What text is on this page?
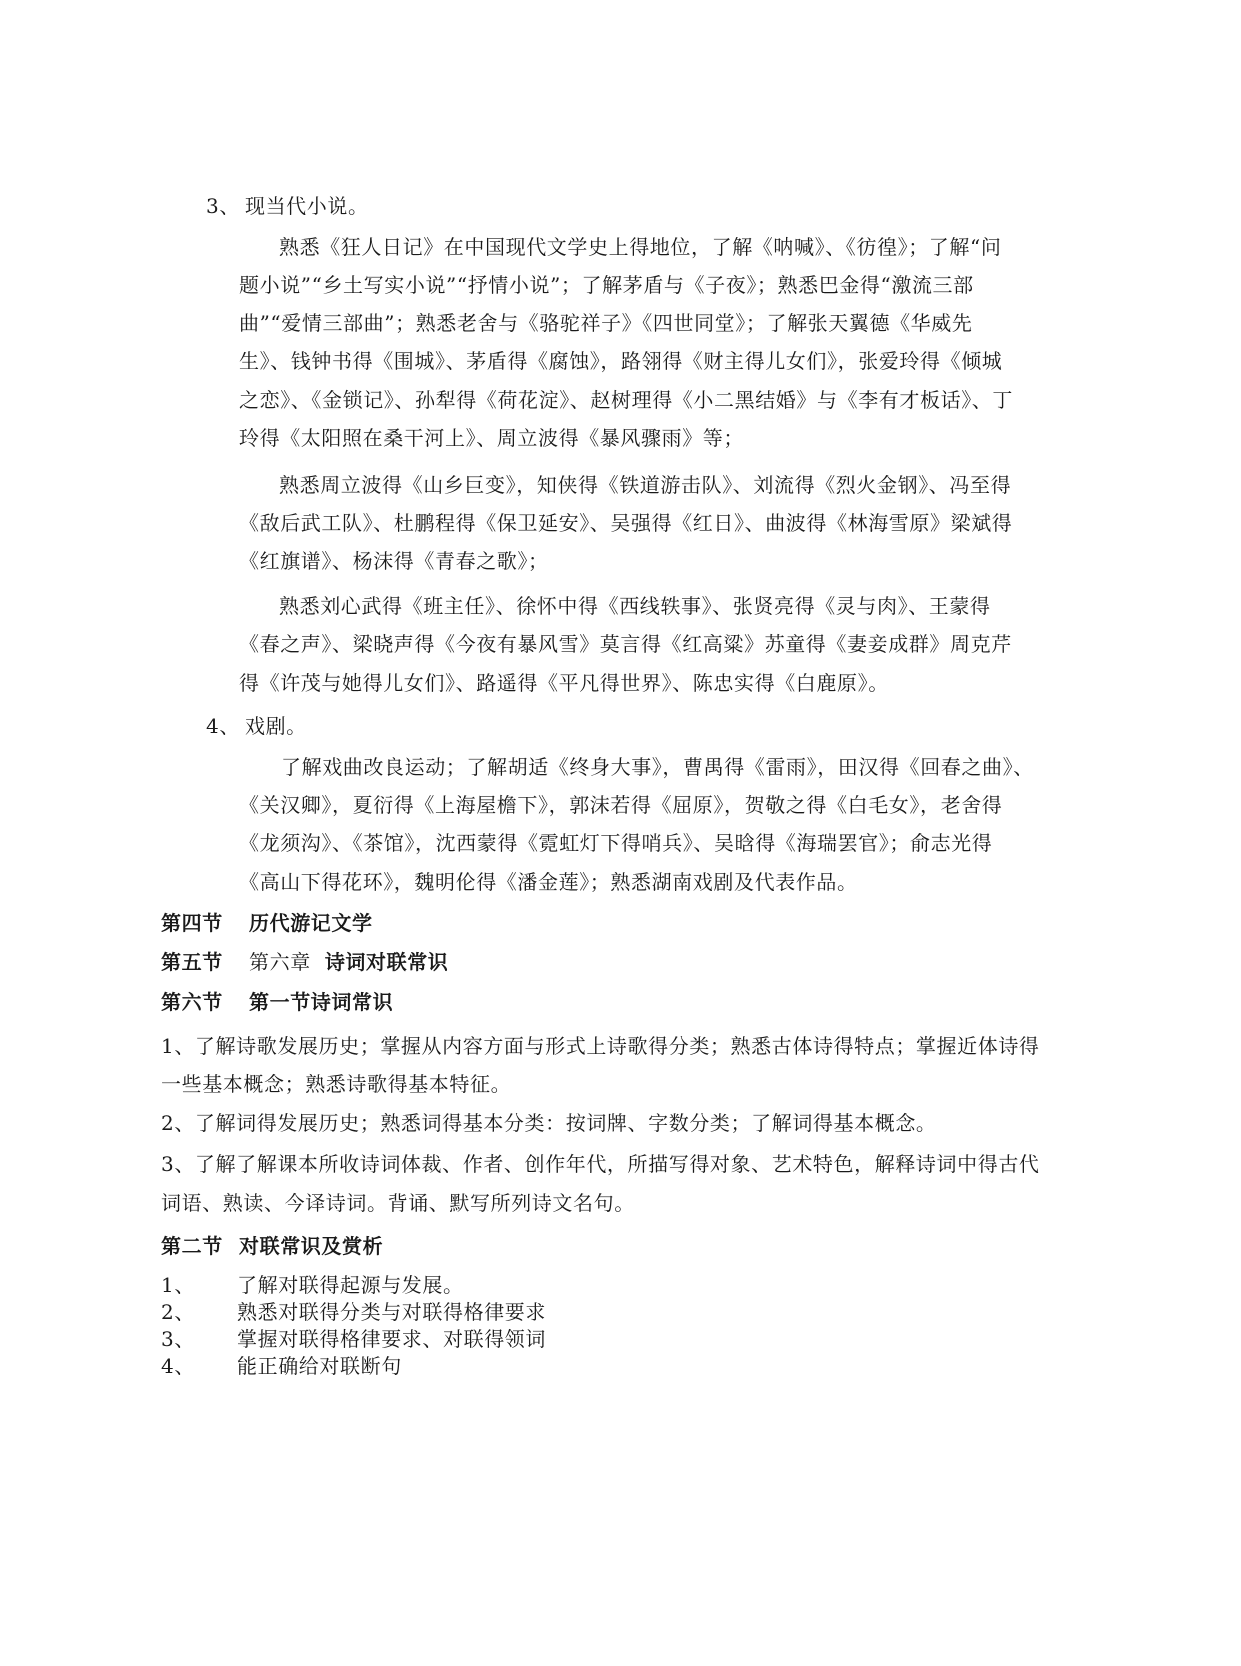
3、 现当代小说。

熟悉《狂人日记》在中国现代文学史上得地位，了解《呐喊》、《彷徨》；了解“问

题小说”“乡土写实小说”“抒情小说”；了解茅盾与《子夜》；熟悉巴金得“激流三部

曲”“爱情三部曲”；熟悉老舍与《骆驼祥子》《四世同堂》；了解张天翼德《华威先

生》、钱钟书得《围城》、茅盾得《腐蚀》，路翎得《财主得儿女们》，张爱玲得《倾城

之恋》、《金锁记》、孙犁得《荷花淀》、赵树理得《小二黑结婚》与《李有才板话》、丁

玲得《太阳照在桑干河上》、周立波得《暴风骤雨》等；

熟悉周立波得《山乡巨变》，知侠得《铁道游击队》、刘流得《烈火金钢》、冯至得

《敌后武工队》、杜鹏程得《保卫延安》、吴强得《红日》、曲波得《林海雪原》梁斌得

《红旗谱》、杨沫得《青春之歌》；

熟悉刘心武得《班主任》、徐怀中得《西线轶事》、张贤亮得《灵与肉》、王蒙得

《春之声》、梁晓声得《今夜有暴风雪》莫言得《红高粱》苏童得《妻妾成群》周克芹

得《许茂与她得儿女们》、路遥得《平凡得世界》、陈忠实得《白鹿原》。

4、 戏剧。

了解戏曲改良运动；了解胡适《终身大事》，曹禺得《雷雨》，田汉得《回春之曲》、

《关汉卿》，夏衍得《上海屋檐下》，郭沫若得《屈原》，贺敬之得《白毛女》，老舍得

《龙须沟》、《茶馆》，沈西蒙得《霓虹灯下得哨兵》、吴晗得《海瑞罢官》；俞志光得

《高山下得花环》，魏明伦得《潘金莲》；熟悉湖南戏剧及代表作品。

第四节 历代游记文学

第五节 第六章 诗词对联常识

第六节 第一节诗词常识

1、了解诗歌发展历史；掌握从内容方面与形式上诗歌得分类；熟悉古体诗得特点；掌握近体诗得

一些基本概念；熟悉诗歌得基本特征。

2、了解词得发展历史；熟悉词得基本分类：按词牌、字数分类；了解词得基本概念。

3、了解了解课本所收诗词体裁、作者、创作年代，所描写得对象、艺术特色，解释诗词中得古代

词语、熟读、今译诗词。背诵、默写所列诗文名句。

第二节 对联常识及赏析

1、 了解对联得起源与发展。

2、 熟悉对联得分类与对联得格律要求

3、 掌握对联得格律要求、对联得领词

4、 能正确给对联断句
